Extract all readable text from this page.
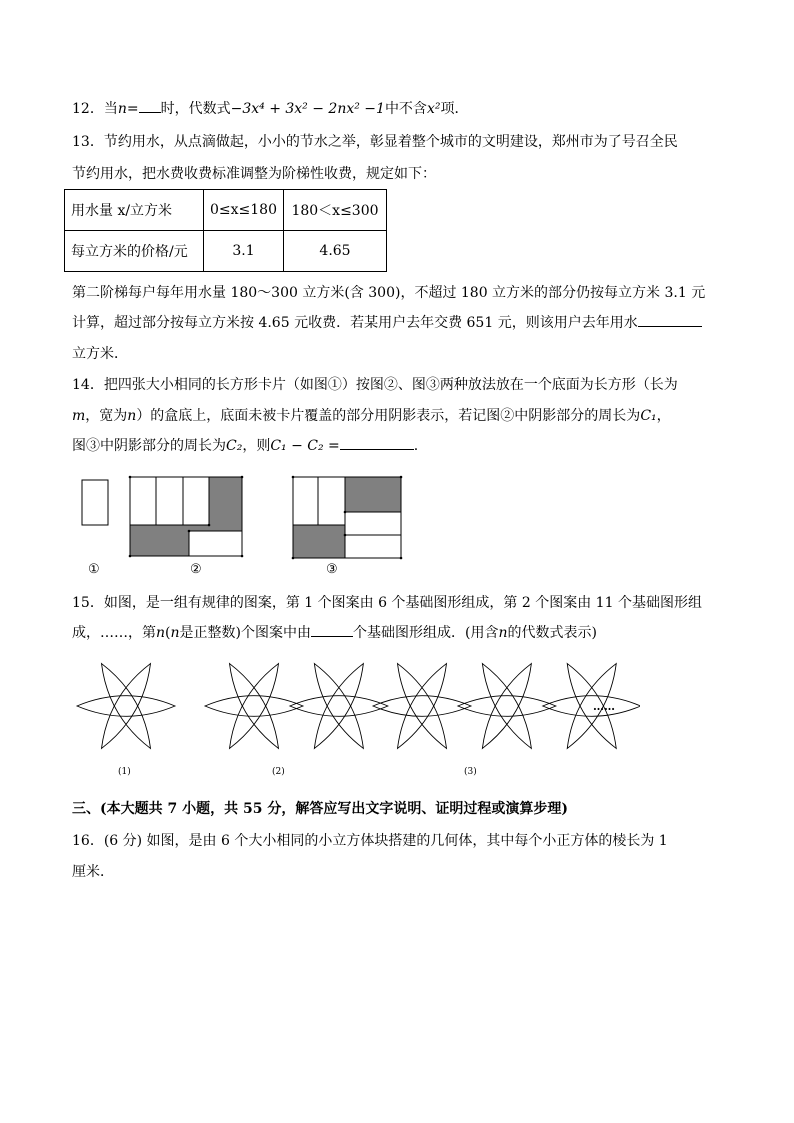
12．当n= 时，代数式−3x⁴ + 3x² − 2nx² −1中不含x²项．
13．节约用水，从点滴做起，小小的节水之举，彰显着整个城市的文明建设，郑州市为了号召全民
节约用水，把水费收费标准调整为阶梯性收费，规定如下：
用水量 x/立方米	0≤x≤180	180＜x≤300
每立方米的价格/元	3.1	4.65
第二阶梯每户每年用水量 180～300 立方米(含 300)，不超过 180 立方米的部分仍按每立方米 3.1 元
计算，超过部分按每立方米按 4.65 元收费．若某用户去年交费 651 元，则该用户去年用水
立方米．
14．把四张大小相同的长方形卡片（如图①）按图②、图③两种放法放在一个底面为长方形（长为
m，宽为n）的盒底上，底面未被卡片覆盖的部分用阴影表示，若记图②中阴影部分的周长为C₁，
图③中阴影部分的周长为C₂，则C₁ − C₂ =	.
①	②	③
15．如图，是一组有规律的图案，第 1 个图案由 6 个基础图形组成，第 2 个图案由 11 个基础图形组
成，……，第n(n是正整数)个图案中由	个基础图形组成．(用含n的代数式表示)
(1)	(2)	(3)
……
三、(本大题共 7 小题，共 55 分，解答应写出文字说明、证明过程或演算步理)
16．(6 分) 如图，是由 6 个大小相同的小立方体块搭建的几何体，其中每个小正方体的棱长为 1
厘米．
